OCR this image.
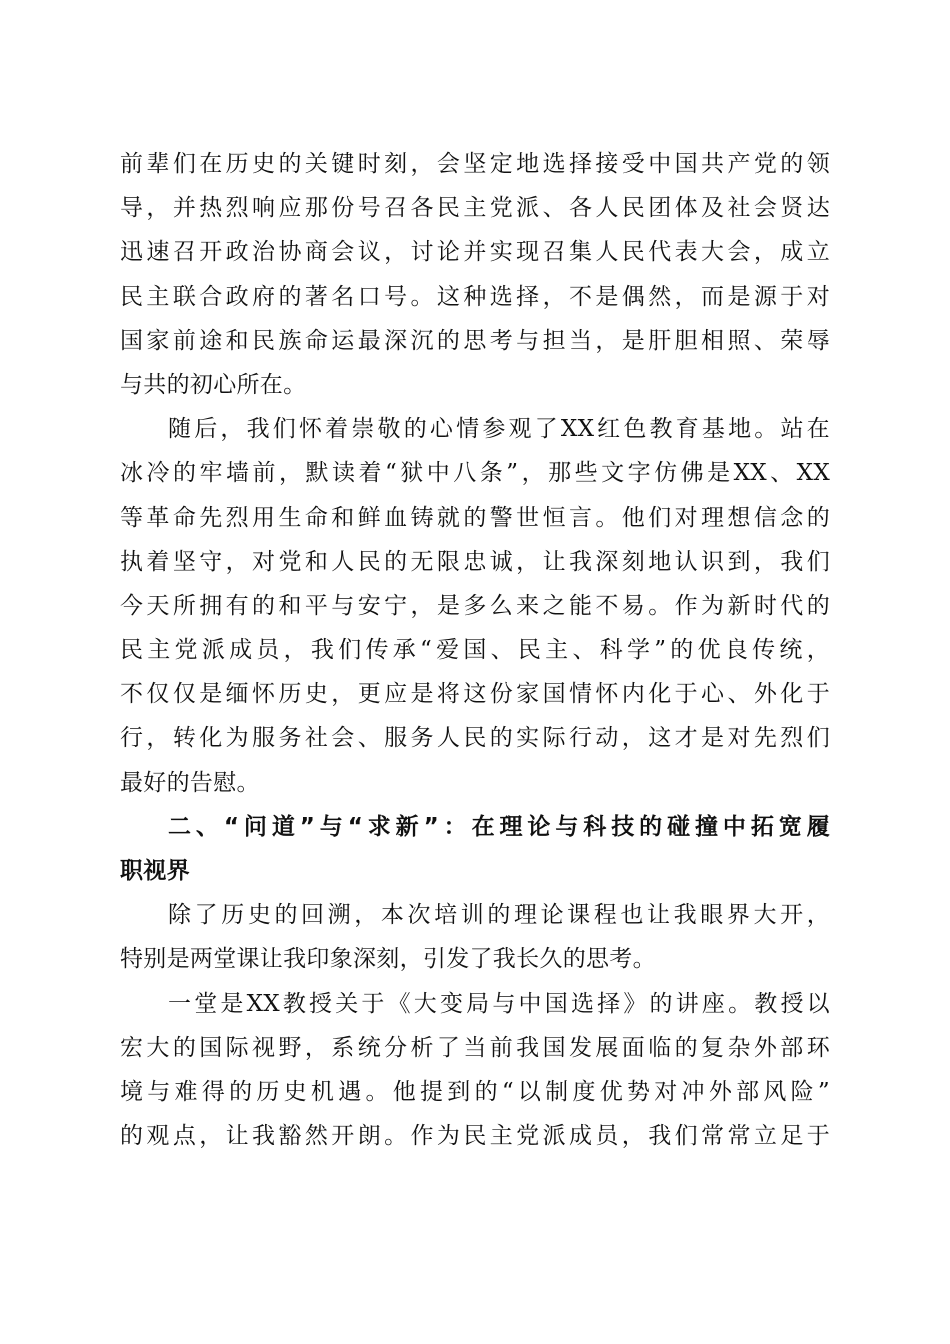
前辈们在历史的关键时刻，会坚定地选择接受中国共产党的领
导，并热烈响应那份号召各民主党派、各人民团体及社会贤达
迅速召开政治协商会议，讨论并实现召集人民代表大会，成立
民主联合政府的著名口号。这种选择，不是偶然，而是源于对
国家前途和民族命运最深沉的思考与担当，是肝胆相照、荣辱
与共的初心所在。

随后，我们怀着崇敬的心情参观了XX红色教育基地。站在
冰冷的牢墙前，默读着“狱中八条”，那些文字仿佛是XX、XX
等革命先烈用生命和鲜血铸就的警世恒言。他们对理想信念的
执着坚守，对党和人民的无限忠诚，让我深刻地认识到，我们
今天所拥有的和平与安宁，是多么来之能不易。作为新时代的
民主党派成员，我们传承“爱国、民主、科学”的优良传统，
不仅仅是缅怀历史，更应是将这份家国情怀内化于心、外化于
行，转化为服务社会、服务人民的实际行动，这才是对先烈们
最好的告慰。

二、“问道”与“求新”：在理论与科技的碰撞中拓宽履
职视界

除了历史的回溯，本次培训的理论课程也让我眼界大开，
特别是两堂课让我印象深刻，引发了我长久的思考。

一堂是XX教授关于《大变局与中国选择》的讲座。教授以
宏大的国际视野，系统分析了当前我国发展面临的复杂外部环
境与难得的历史机遇。他提到的“以制度优势对冲外部风险”
的观点，让我豁然开朗。作为民主党派成员，我们常常立足于
